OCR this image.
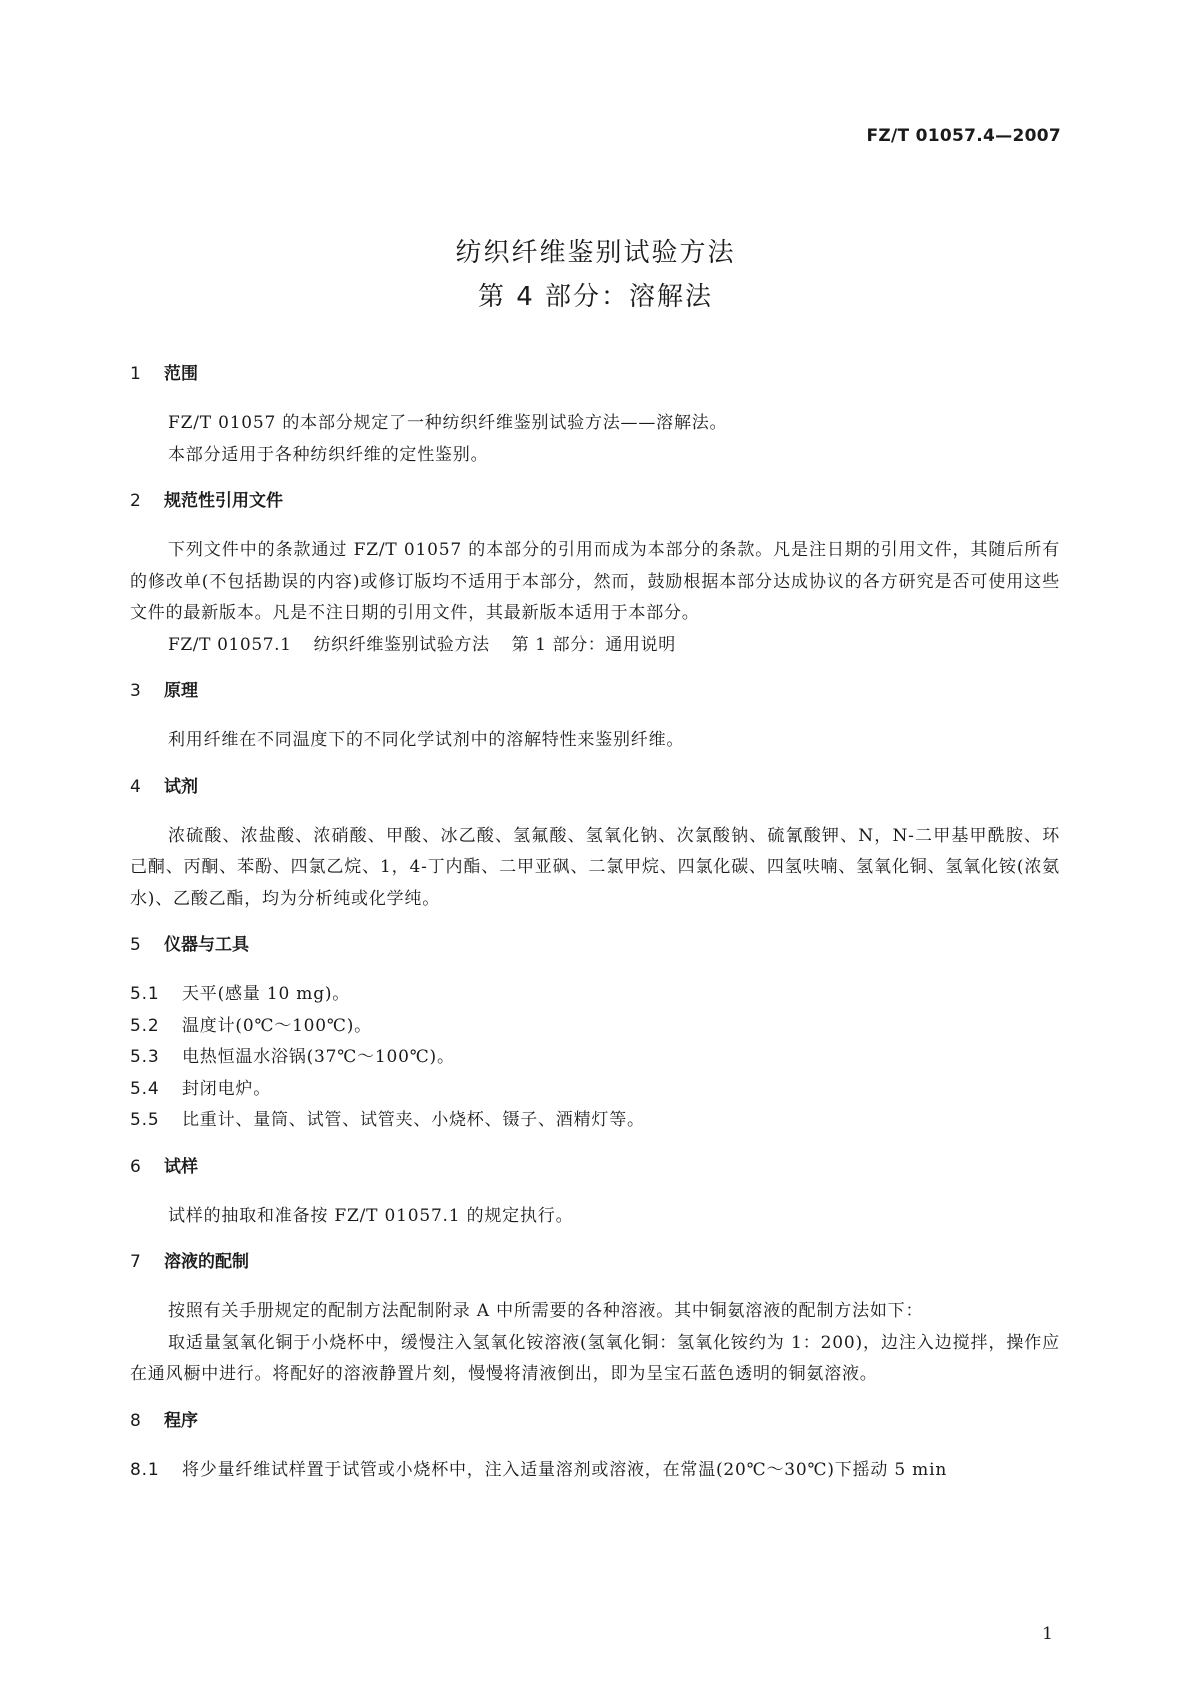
FZ/T 01057.4—2007
纺织纤维鉴别试验方法
第 4 部分：溶解法
1 范围

FZ/T 01057 的本部分规定了一种纺织纤维鉴别试验方法——溶解法。

本部分适用于各种纺织纤维的定性鉴别。

2 规范性引用文件

下列文件中的条款通过 FZ/T 01057 的本部分的引用而成为本部分的条款。凡是注日期的引用文件，其随后所有的修改单(不包括勘误的内容)或修订版均不适用于本部分，然而，鼓励根据本部分达成协议的各方研究是否可使用这些文件的最新版本。凡是不注日期的引用文件，其最新版本适用于本部分。

FZ/T 01057.1 纺织纤维鉴别试验方法 第 1 部分：通用说明

3 原理

利用纤维在不同温度下的不同化学试剂中的溶解特性来鉴别纤维。

4 试剂

浓硫酸、浓盐酸、浓硝酸、甲酸、冰乙酸、氢氟酸、氢氧化钠、次氯酸钠、硫氰酸钾、N，N-二甲基甲酰胺、环己酮、丙酮、苯酚、四氯乙烷、1，4-丁内酯、二甲亚砜、二氯甲烷、四氯化碳、四氢呋喃、氢氧化铜、氢氧化铵(浓氨水)、乙酸乙酯，均为分析纯或化学纯。

5 仪器与工具

5.1 天平(感量 10 mg)。

5.2 温度计(0℃～100℃)。

5.3 电热恒温水浴锅(37℃～100℃)。

5.4 封闭电炉。

5.5 比重计、量筒、试管、试管夹、小烧杯、镊子、酒精灯等。

6 试样

试样的抽取和准备按 FZ/T 01057.1 的规定执行。

7 溶液的配制

按照有关手册规定的配制方法配制附录 A 中所需要的各种溶液。其中铜氨溶液的配制方法如下：

取适量氢氧化铜于小烧杯中，缓慢注入氢氧化铵溶液(氢氧化铜：氢氧化铵约为 1：200)，边注入边搅拌，操作应在通风橱中进行。将配好的溶液静置片刻，慢慢将清液倒出，即为呈宝石蓝色透明的铜氨溶液。

8 程序

8.1 将少量纤维试样置于试管或小烧杯中，注入适量溶剂或溶液，在常温(20℃～30℃)下摇动 5 min

1
